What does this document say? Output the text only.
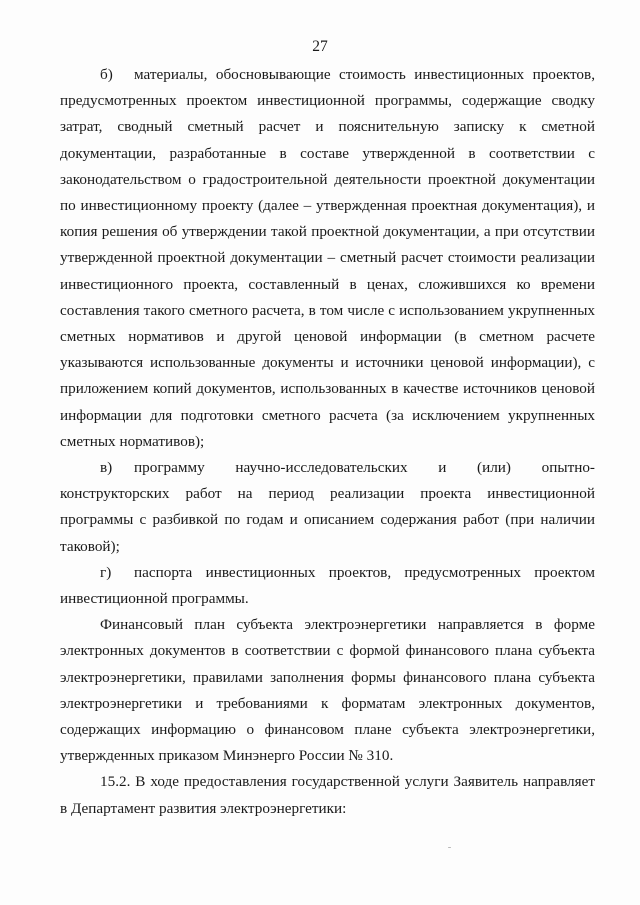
27

б) материалы, обосновывающие стоимость инвестиционных проектов, предусмотренных проектом инвестиционной программы, содержащие сводку затрат, сводный сметный расчет и пояснительную записку к сметной документации, разработанные в составе утвержденной в соответствии с законодательством о градостроительной деятельности проектной документации по инвестиционному проекту (далее – утвержденная проектная документация), и копия решения об утверждении такой проектной документации, а при отсутствии утвержденной проектной документации – сметный расчет стоимости реализации инвестиционного проекта, составленный в ценах, сложившихся ко времени составления такого сметного расчета, в том числе с использованием укрупненных сметных нормативов и другой ценовой информации (в сметном расчете указываются использованные документы и источники ценовой информации), с приложением копий документов, использованных в качестве источников ценовой информации для подготовки сметного расчета (за исключением укрупненных сметных нормативов);

в) программу научно-исследовательских и (или) опытно-конструкторских работ на период реализации проекта инвестиционной программы с разбивкой по годам и описанием содержания работ (при наличии таковой);

г) паспорта инвестиционных проектов, предусмотренных проектом инвестиционной программы.

Финансовый план субъекта электроэнергетики направляется в форме электронных документов в соответствии с формой финансового плана субъекта электроэнергетики, правилами заполнения формы финансового плана субъекта электроэнергетики и требованиями к форматам электронных документов, содержащих информацию о финансовом плане субъекта электроэнергетики, утвержденных приказом Минэнерго России № 310.

15.2. В ходе предоставления государственной услуги Заявитель направляет в Департамент развития электроэнергетики:
